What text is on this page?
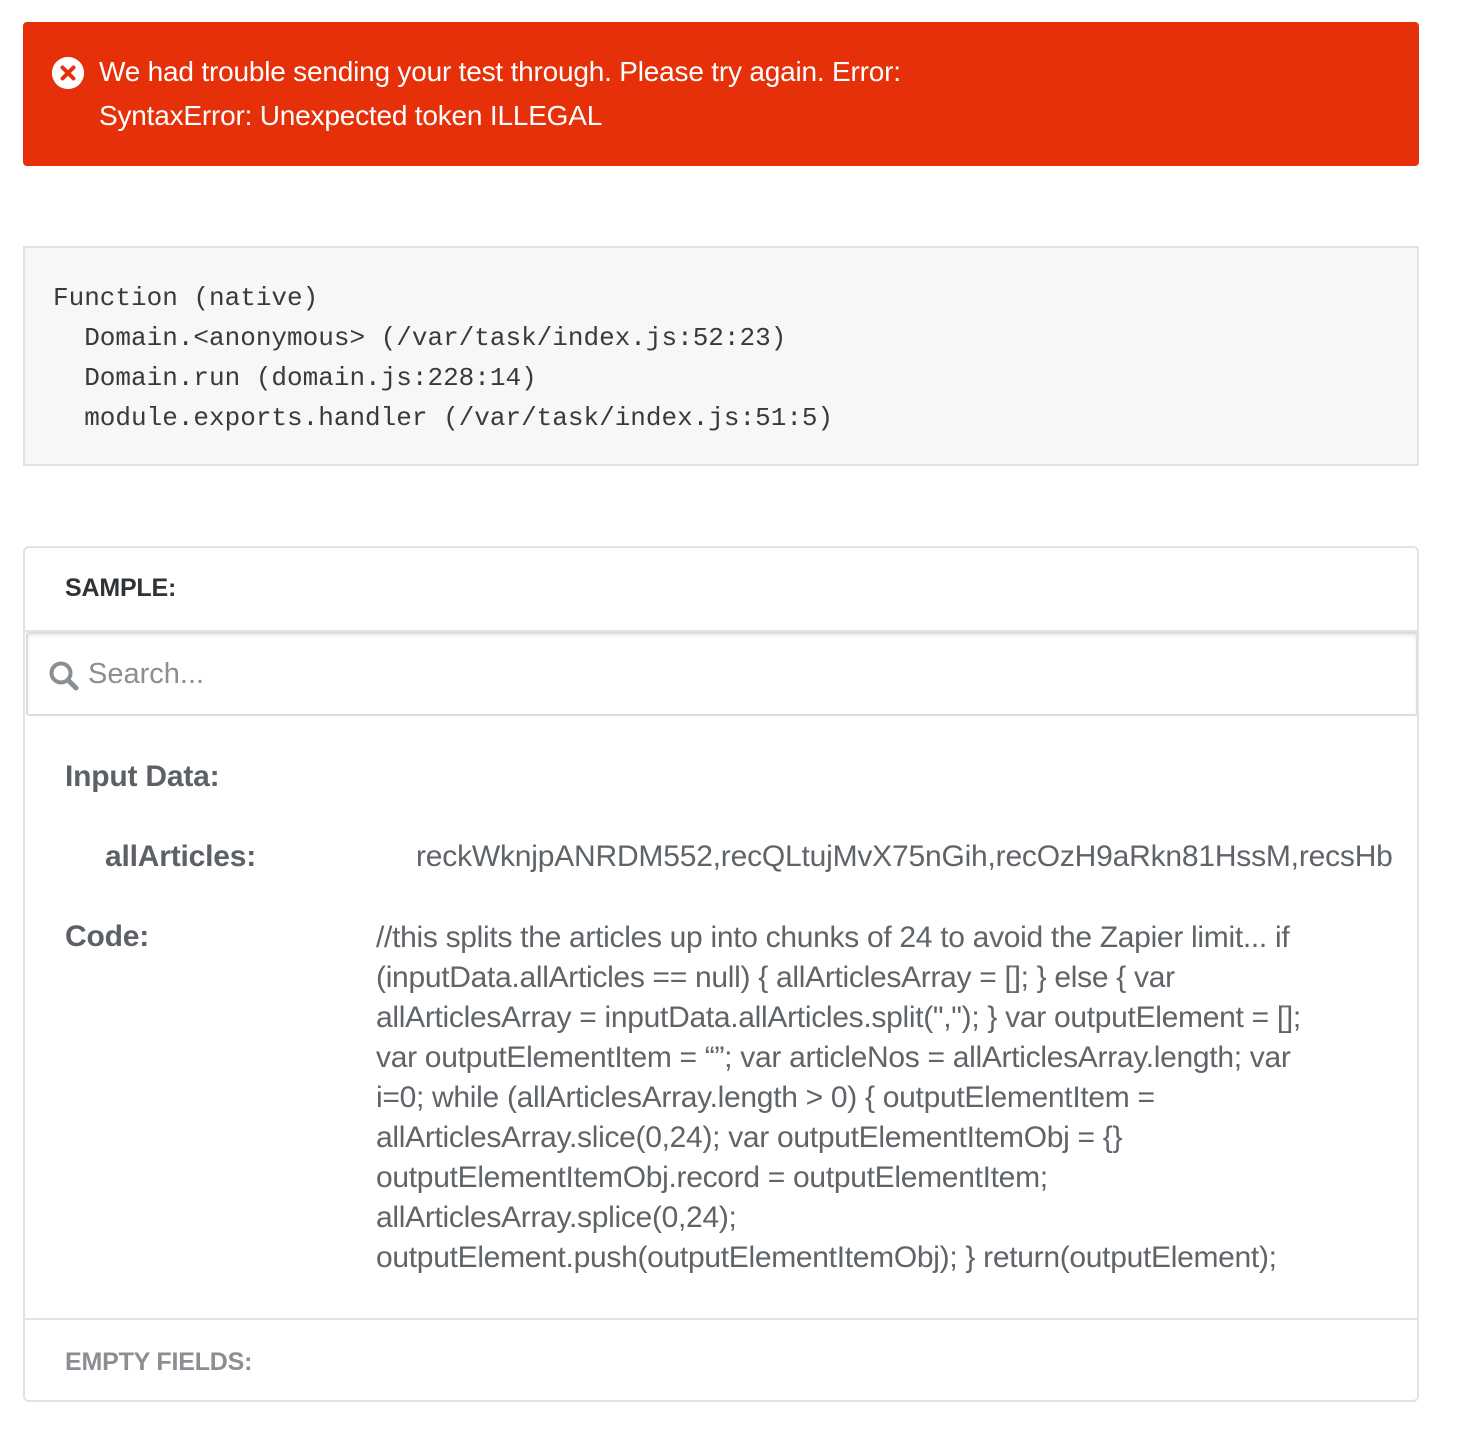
We had trouble sending your test through. Please try again. Error:
SyntaxError: Unexpected token ILLEGAL
Function (native)
Domain.<anonymous> (/var/task/index.js:52:23)
Domain.run (domain.js:228:14)
module.exports.handler (/var/task/index.js:51:5)
SAMPLE:
Search...
Input Data:
allArticles:	reckWknjpANRDM552,recQLtujMvX75nGih,recOzH9aRkn81HssM,recsHb
Code:	//this splits the articles up into chunks of 24 to avoid the Zapier limit... if
(inputData.allArticles == null) { allArticlesArray = []; } else { var
allArticlesArray = inputData.allArticles.split(","); } var outputElement = [];
var outputElementItem = “”; var articleNos = allArticlesArray.length; var
i=0; while (allArticlesArray.length > 0) { outputElementItem =
allArticlesArray.slice(0,24); var outputElementItemObj = {}
outputElementItemObj.record = outputElementItem;
allArticlesArray.splice(0,24);
outputElement.push(outputElementItemObj); } return(outputElement);
EMPTY FIELDS:
